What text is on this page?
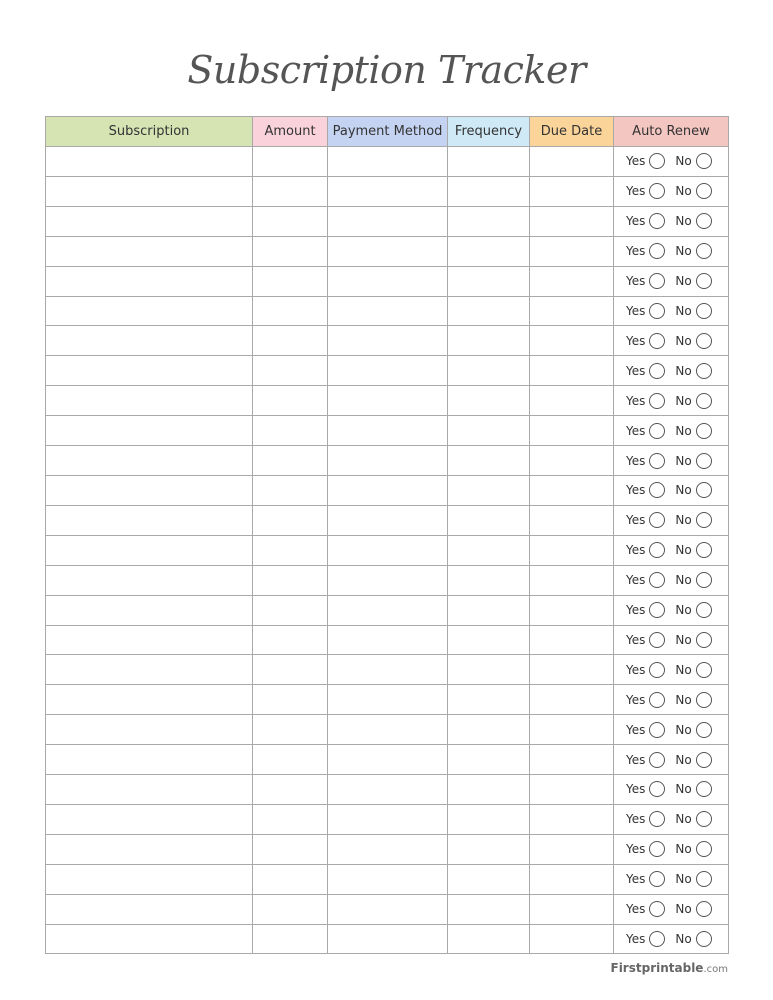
Subscription Tracker
Subscription	Amount	Payment Method	Frequency	Due Date	Auto Renew

					Yes No

					Yes No

					Yes No

					Yes No

					Yes No

					Yes No

					Yes No

					Yes No

					Yes No

					Yes No

					Yes No

					Yes No

					Yes No

					Yes No

					Yes No

					Yes No

					Yes No

					Yes No

					Yes No

					Yes No

					Yes No

					Yes No

					Yes No

					Yes No

					Yes No

					Yes No

					Yes No
Firstprintable.com
